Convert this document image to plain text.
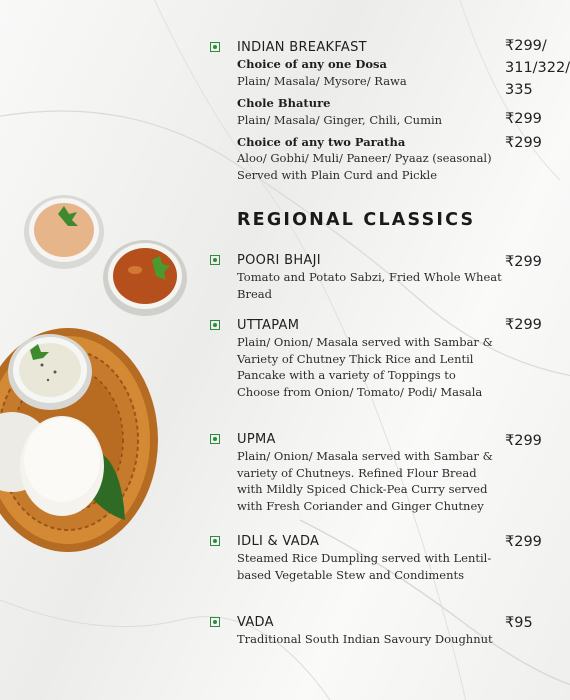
INDIAN BREAKFAST	₹299/
311/322/
335
Choice of any one Dosa
Plain/ Masala/ Mysore/ Rawa
Chole Bhature
Plain/ Masala/ Ginger, Chili, Cumin	₹299
Choice of any two Paratha
Aloo/ Gobhi/ Muli/ Paneer/ Pyaaz (seasonal) Served with Plain Curd and Pickle
₹299
REGIONAL CLASSICS
POORI BHAJI
Tomato and Potato Sabzi, Fried Whole Wheat Bread
₹299
UTTAPAM
Plain/ Onion/ Masala served with Sambar & Variety of Chutney Thick Rice and Lentil Pancake with a variety of Toppings to Choose from Onion/ Tomato/ Podi/ Masala
₹299
UPMA
Plain/ Onion/ Masala served with Sambar & variety of Chutneys. Refined Flour Bread with Mildly Spiced Chick-Pea Curry served with Fresh Coriander and Ginger Chutney
₹299
IDLI & VADA
Steamed Rice Dumpling served with Lentil-based Vegetable Stew and Condiments
₹299
VADA
Traditional South Indian Savoury Doughnut
₹95
